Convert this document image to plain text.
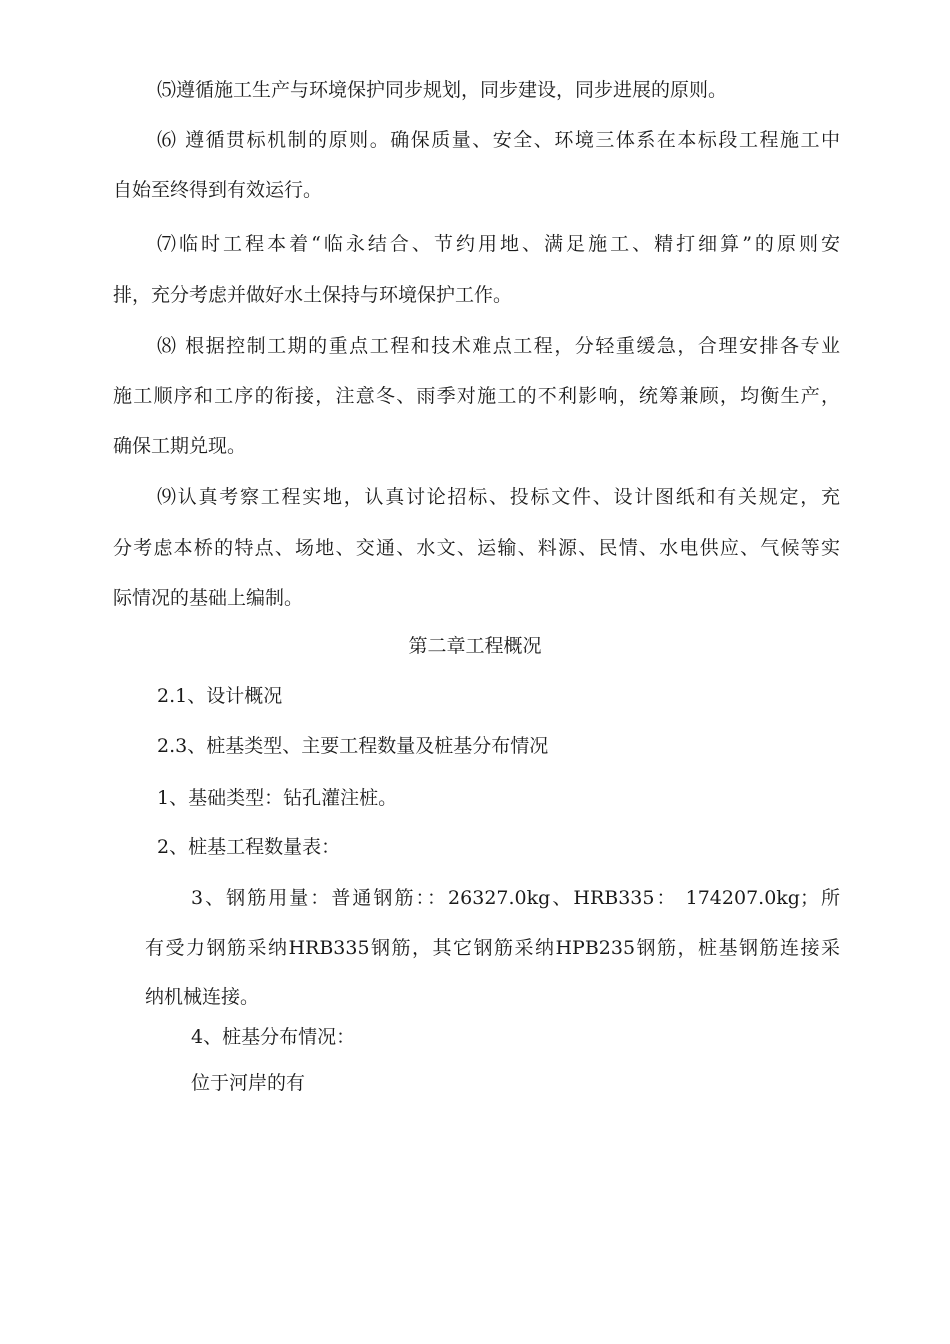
⑸遵循施工生产与环境保护同步规划，同步建设，同步进展的原则。
⑹ 遵循贯标机制的原则。确保质量、安全、环境三体系在本标段工程施工中
自始至终得到有效运行。
⑺临时工程本着“临永结合、节约用地、满足施工、精打细算”的原则安
排，充分考虑并做好水土保持与环境保护工作。
⑻ 根据控制工期的重点工程和技术难点工程，分轻重缓急，合理安排各专业
施工顺序和工序的衔接，注意冬、雨季对施工的不利影响，统筹兼顾，均衡生产，
确保工期兑现。
⑼认真考察工程实地，认真讨论招标、投标文件、设计图纸和有关规定，充
分考虑本桥的特点、场地、交通、水文、运输、料源、民情、水电供应、气候等实
际情况的基础上编制。
第二章工程概况
2.1、设计概况
2.3、桩基类型、主要工程数量及桩基分布情况
1、基础类型：钻孔灌注桩。
2、桩基工程数量表：
3、钢筋用量：普通钢筋：：26327.0kg、HRB335： 174207.0kg；所
有受力钢筋采纳HRB335钢筋，其它钢筋采纳HPB235钢筋，桩基钢筋连接采
纳机械连接。
4、桩基分布情况：
位于河岸的有
